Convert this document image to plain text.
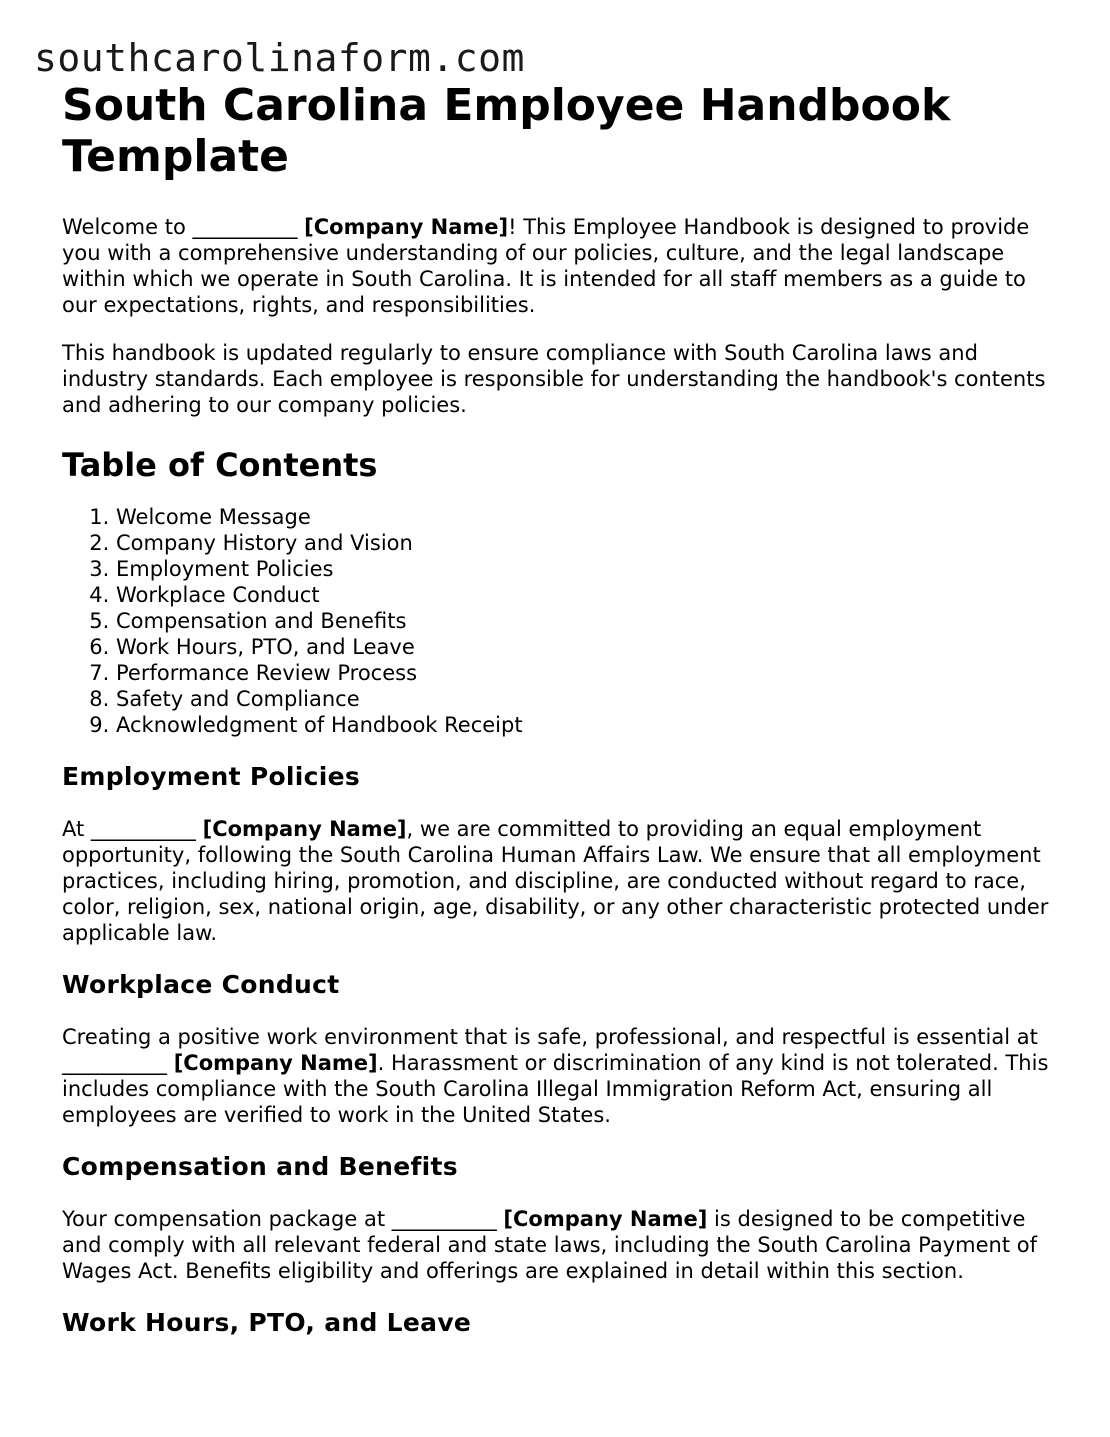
southcarolinaform.com
South Carolina Employee Handbook Template

Welcome to __________ [Company Name]! This Employee Handbook is designed to provide you with a comprehensive understanding of our policies, culture, and the legal landscape within which we operate in South Carolina. It is intended for all staff members as a guide to our expectations, rights, and responsibilities.

This handbook is updated regularly to ensure compliance with South Carolina laws and industry standards. Each employee is responsible for understanding the handbook's contents and adhering to our company policies.

Table of Contents
1. Welcome Message
2. Company History and Vision
3. Employment Policies
4. Workplace Conduct
5. Compensation and Benefits
6. Work Hours, PTO, and Leave
7. Performance Review Process
8. Safety and Compliance
9. Acknowledgment of Handbook Receipt
Employment Policies

At __________ [Company Name], we are committed to providing an equal employment opportunity, following the South Carolina Human Affairs Law. We ensure that all employment practices, including hiring, promotion, and discipline, are conducted without regard to race, color, religion, sex, national origin, age, disability, or any other characteristic protected under applicable law.

Workplace Conduct

Creating a positive work environment that is safe, professional, and respectful is essential at __________ [Company Name]. Harassment or discrimination of any kind is not tolerated. This includes compliance with the South Carolina Illegal Immigration Reform Act, ensuring all employees are verified to work in the United States.

Compensation and Benefits

Your compensation package at __________ [Company Name] is designed to be competitive and comply with all relevant federal and state laws, including the South Carolina Payment of Wages Act. Benefits eligibility and offerings are explained in detail within this section.

Work Hours, PTO, and Leave
